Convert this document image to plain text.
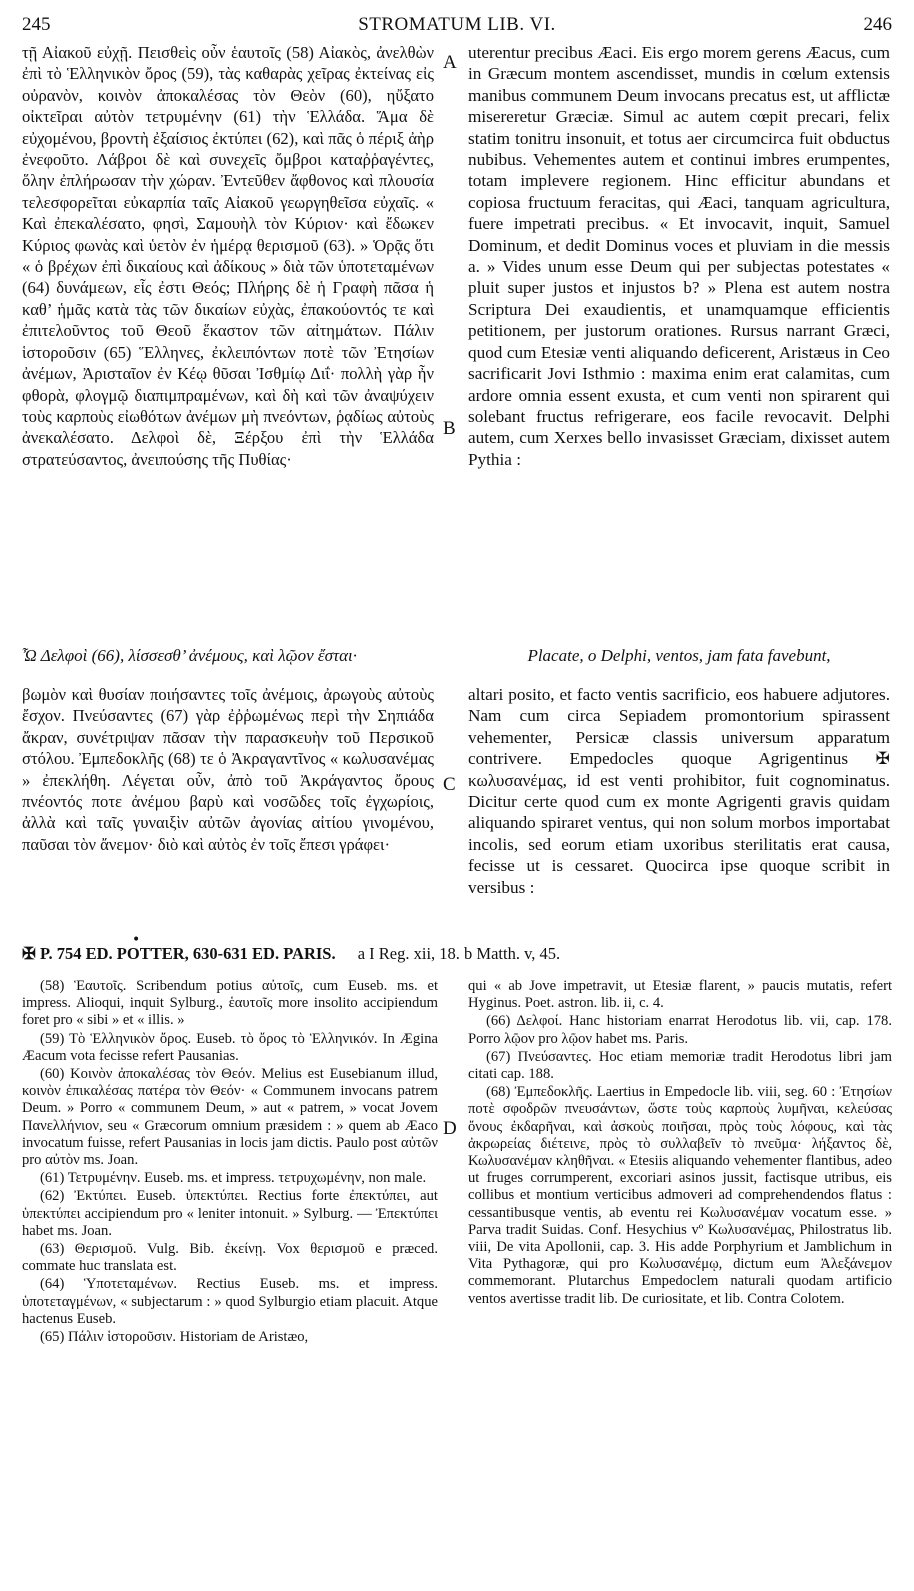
245	STROMATUM LIB. VI.	246

τῇ Αἰακοῦ εὐχῇ. Πεισθεὶς οὖν ἑαυτοῖς (58) Αἰακὸς, ἀνελθὼν ἐπὶ τὸ Ἑλληνικὸν ὄρος (59), τὰς καθαρὰς χεῖρας ἐκτείνας εἰς οὐρανὸν, κοινὸν ἀποκαλέσας τὸν Θεὸν (60), ηὔξατο οἰκτεῖραι αὐτὸν τετρυμένην (61) τὴν Ἑλλάδα. Ἅμα δὲ εὐχομένου, βροντὴ ἐξαίσιος ἐκτύπει (62), καὶ πᾶς ὁ πέριξ ἀὴρ ἐνεφοῦτο. Λάβροι δὲ καὶ συνεχεῖς ὄμβροι καταῤῥαγέντες, ὅλην ἐπλήρωσαν τὴν χώραν. Ἐντεῦθεν ἄφθονος καὶ πλουσία τελεσφορεῖται εὐκαρπία ταῖς Αἰακοῦ γεωργηθεῖσα εὐχαῖς. « Καὶ ἐπεκαλέσατο, φησὶ, Σαμουὴλ τὸν Κύριον· καὶ ἔδωκεν Κύριος φωνὰς καὶ ὑετὸν ἐν ἡμέρᾳ θερισμοῦ (63). » Ὁρᾷς ὅτι « ὁ βρέχων ἐπὶ δικαίους καὶ ἀδίκους » διὰ τῶν ὑποτεταμένων (64) δυνάμεων, εἷς ἐστι Θεός; Πλήρης δὲ ἡ Γραφὴ πᾶσα ἡ καθ’ ἡμᾶς κατὰ τὰς τῶν δικαίων εὐχὰς, ἐπακούοντός τε καὶ ἐπιτελοῦντος τοῦ Θεοῦ ἕκαστον τῶν αἰτημάτων. Πάλιν ἱστοροῦσιν (65) Ἕλληνες, ἐκλειπόντων ποτὲ τῶν Ἐτησίων ἀνέμων, Ἀρισταῖον ἐν Κέῳ θῦσαι Ἰσθμίῳ Διΐ· πολλὴ γὰρ ἦν φθορὰ, φλογμῷ διαπιμπραμένων, καὶ δὴ καὶ τῶν ἀναψύχειν τοὺς καρποὺς εἰωθότων ἀνέμων μὴ πνεόντων, ῥᾳδίως αὐτοὺς ἀνεκαλέσατο. Δελφοὶ δὲ, Ξέρξου ἐπὶ τὴν Ἑλλάδα στρατεύσαντος, ἀνειπούσης τῆς Πυθίας·

uterentur precibus Æaci. Eis ergo morem gerens Æacus, cum in Græcum montem ascendisset, mundis in cœlum extensis manibus communem Deum invocans precatus est, ut afflictæ misereretur Græciæ. Simul ac autem cœpit precari, felix statim tonitru insonuit, et totus aer circumcirca fuit obductus nubibus. Vehementes autem et continui imbres erumpentes, totam implevere regionem. Hinc efficitur abundans et copiosa fructuum feracitas, qui Æaci, tanquam agricultura, fuere impetrati precibus. « Et invocavit, inquit, Samuel Dominum, et dedit Dominus voces et pluviam in die messis a. » Vides unum esse Deum qui per subjectas potestates « pluit super justos et injustos b? » Plena est autem nostra Scriptura Dei exaudientis, et unamquamque efficientis petitionem, per justorum orationes. Rursus narrant Græci, quod cum Etesiæ venti aliquando deficerent, Aristæus in Ceo sacrificarit Jovi Isthmio : maxima enim erat calamitas, cum ardore omnia essent exusta, et cum venti non spirarent qui solebant fructus refrigerare, eos facile revocavit. Delphi autem, cum Xerxes bello invasisset Græciam, dixisset autem Pythia :

A
B
C
D
Ὦ Δελφοὶ (66), λίσσεσθ’ ἀνέμους, καὶ λῷον ἔσται·	Placate, o Delphi, ventos, jam fata favebunt,

βωμὸν καὶ θυσίαν ποιήσαντες τοῖς ἀνέμοις, ἀρωγοὺς αὐτοὺς ἔσχον. Πνεύσαντες (67) γὰρ ἐῤῥωμένως περὶ τὴν Σηπιάδα ἄκραν, συνέτριψαν πᾶσαν τὴν παρασκευὴν τοῦ Περσικοῦ στόλου. Ἐμπεδοκλῆς (68) τε ὁ Ἀκραγαντῖνος « κωλυσανέμας » ἐπεκλήθη. Λέγεται οὖν, ἀπὸ τοῦ Ἀκράγαντος ὄρους πνέοντός ποτε ἀνέμου βαρὺ καὶ νοσῶδες τοῖς ἐγχωρίοις, ἀλλὰ καὶ ταῖς γυναιξὶν αὐτῶν ἀγονίας αἰτίου γινομένου, παῦσαι τὸν ἄνεμον· διὸ καὶ αὐτὸς ἐν τοῖς ἔπεσι γράφει·

altari posito, et facto ventis sacrificio, eos habuere adjutores. Nam cum circa Sepiadem promontorium spirassent vehementer, Persicæ classis universum apparatum contrivere. Empedocles quoque Agrigentinus ✠ κωλυσανέμας, id est venti prohibitor, fuit cognominatus. Dicitur certe quod cum ex monte Agrigenti gravis quidam aliquando spiraret ventus, qui non solum morbos importabat incolis, sed eorum etiam uxoribus sterilitatis erat causa, fecisse ut is cessaret. Quocirca ipse quoque scribit in versibus :

•
✠ P. 754 ED. POTTER, 630-631 ED. PARIS. a I Reg. xii, 18. b Matth. v, 45.

(58) Ἑαυτοῖς. Scribendum potius αὐτοῖς, cum Euseb. ms. et impress. Alioqui, inquit Sylburg., ἑαυτοῖς more insolito accipiendum foret pro « sibi » et « illis. »

(59) Τὸ Ἑλληνικὸν ὄρος. Euseb. τὸ ὄρος τὸ Ἑλληνικόν. In Ægina Æacum vota fecisse refert Pausanias.

(60) Κοινὸν ἀποκαλέσας τὸν Θεόν. Melius est Eusebianum illud, κοινὸν ἐπικαλέσας πατέρα τὸν Θεόν· « Communem invocans patrem Deum. » Porro « communem Deum, » aut « patrem, » vocat Jovem Πανελλήνιον, seu « Græcorum omnium præsidem : » quem ab Æaco invocatum fuisse, refert Pausanias in locis jam dictis. Paulo post αὐτῶν pro αὐτὸν ms. Joan.

(61) Τετρυμένην. Euseb. ms. et impress. τετρυχωμένην, non male.

(62) Ἐκτύπει. Euseb. ὑπεκτύπει. Rectius forte ἐπεκτύπει, aut ὑπεκτύπει accipiendum pro « leniter intonuit. » Sylburg. — Ἐπεκτύπει habet ms. Joan.

(63) Θερισμοῦ. Vulg. Bib. ἐκείνῃ. Vox θερισμοῦ e præced. commate huc translata est.

(64) Ὑποτεταμένων. Rectius Euseb. ms. et impress. ὑποτεταγμένων, « subjectarum : » quod Sylburgio etiam placuit. Atque hactenus Euseb.

(65) Πάλιν ἱστοροῦσιν. Historiam de Aristæo,

qui « ab Jove impetravit, ut Etesiæ flarent, » paucis mutatis, refert Hyginus. Poet. astron. lib. ii, c. 4.

(66) Δελφοί. Hanc historiam enarrat Herodotus lib. vii, cap. 178. Porro λῷον pro λῷον habet ms. Paris.

(67) Πνεύσαντες. Hoc etiam memoriæ tradit Herodotus libri jam citati cap. 188.

(68) Ἐμπεδοκλῆς. Laertius in Empedocle lib. viii, seg. 60 : Ἐτησίων ποτὲ σφοδρῶν πνευσάντων, ὥστε τοὺς καρποὺς λυμῆναι, κελεύσας ὄνους ἐκδαρῆναι, καὶ ἀσκοὺς ποιῆσαι, πρὸς τοὺς λόφους, καὶ τὰς ἀκρωρείας διέτεινε, πρὸς τὸ συλλαβεῖν τὸ πνεῦμα· λήξαντος δὲ, Κωλυσανέμαν κληθῆναι. « Etesiis aliquando vehementer flantibus, adeo ut fruges corrumperent, excoriari asinos jussit, factisque utribus, eis collibus et montium verticibus admoveri ad comprehendendos flatus : cessantibusque ventis, ab eventu rei Κωλυσανέμαν vocatum esse. » Parva tradit Suidas. Conf. Hesychius vº Κωλυσανέμας, Philostratus lib. viii, De vita Apollonii, cap. 3. His adde Porphyrium et Jamblichum in Vita Pythagoræ, qui pro Κωλυσανέμῳ, dictum eum Ἀλεξάνεμον commemorant. Plutarchus Empedoclem naturali quodam artificio ventos avertisse tradit lib. De curiositate, et lib. Contra Colotem.
